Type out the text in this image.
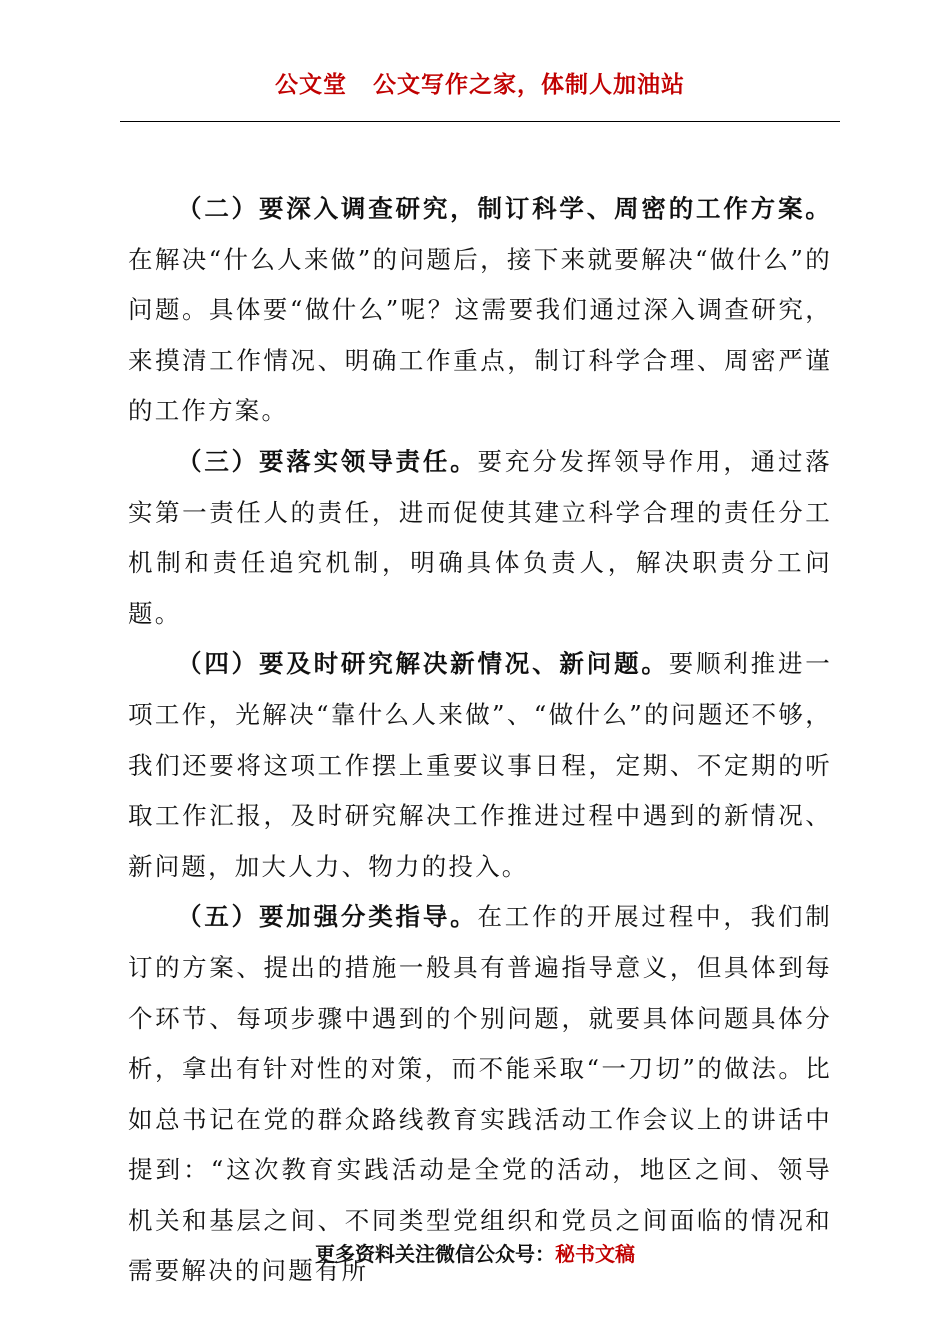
公文堂 公文写作之家，体制人加油站

（二）要深入调查研究，制订科学、周密的工作方案。在解决“什么人来做”的问题后，接下来就要解决“做什么”的问题。具体要“做什么”呢？这需要我们通过深入调查研究，来摸清工作情况、明确工作重点，制订科学合理、周密严谨的工作方案。

（三）要落实领导责任。要充分发挥领导作用，通过落实第一责任人的责任，进而促使其建立科学合理的责任分工机制和责任追究机制，明确具体负责人，解决职责分工问题。

（四）要及时研究解决新情况、新问题。要顺利推进一项工作，光解决“靠什么人来做”、“做什么”的问题还不够，我们还要将这项工作摆上重要议事日程，定期、不定期的听取工作汇报，及时研究解决工作推进过程中遇到的新情况、新问题，加大人力、物力的投入。

（五）要加强分类指导。在工作的开展过程中，我们制订的方案、提出的措施一般具有普遍指导意义，但具体到每个环节、每项步骤中遇到的个别问题，就要具体问题具体分析，拿出有针对性的对策，而不能采取“一刀切”的做法。比如总书记在党的群众路线教育实践活动工作会议上的讲话中提到：“这次教育实践活动是全党的活动，地区之间、领导机关和基层之间、不同类型党组织和党员之间面临的情况和需要解决的问题有所

更多资料关注微信公众号：秘书文稿
